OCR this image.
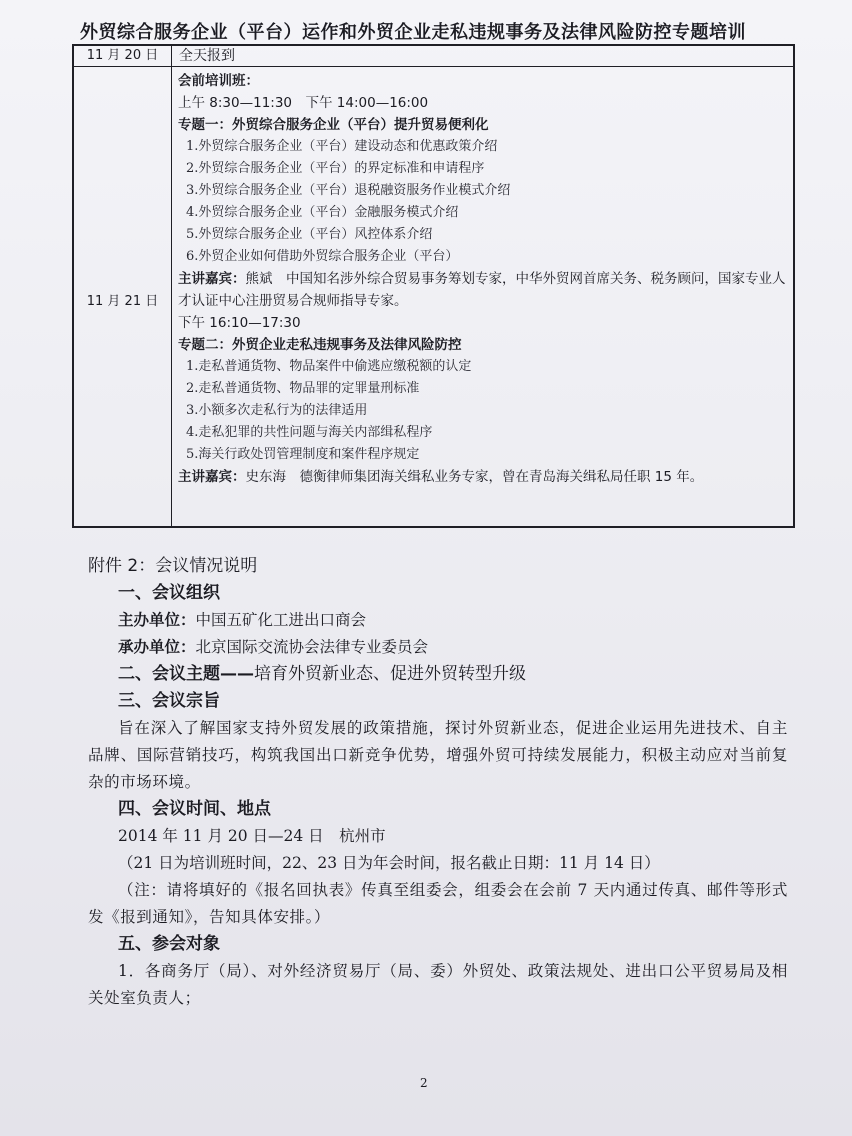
外贸综合服务企业（平台）运作和外贸企业走私违规事务及法律风险防控专题培训
11 月 20 日	全天报到
11 月 21 日
会前培训班：
上午 8:30—11:30　下午 14:00—16:00
专题一：外贸综合服务企业（平台）提升贸易便利化
1.外贸综合服务企业（平台）建设动态和优惠政策介绍
2.外贸综合服务企业（平台）的界定标准和申请程序
3.外贸综合服务企业（平台）退税融资服务作业模式介绍
4.外贸综合服务企业（平台）金融服务模式介绍
5.外贸综合服务企业（平台）风控体系介绍
6.外贸企业如何借助外贸综合服务企业（平台）
主讲嘉宾：熊斌　中国知名涉外综合贸易事务筹划专家，中华外贸网首席关务、税务顾问，国家专业人才认证中心注册贸易合规师指导专家。
下午 16:10—17:30
专题二：外贸企业走私违规事务及法律风险防控
1.走私普通货物、物品案件中偷逃应缴税额的认定
2.走私普通货物、物品罪的定罪量刑标准
3.小额多次走私行为的法律适用
4.走私犯罪的共性问题与海关内部缉私程序
5.海关行政处罚管理制度和案件程序规定
主讲嘉宾：史东海　德衡律师集团海关缉私业务专家，曾在青岛海关缉私局任职 15 年。
附件 2：会议情况说明
一、会议组织
主办单位：中国五矿化工进出口商会
承办单位：北京国际交流协会法律专业委员会
二、会议主题——培育外贸新业态、促进外贸转型升级
三、会议宗旨
旨在深入了解国家支持外贸发展的政策措施，探讨外贸新业态，促进企业运用先进技术、自主品牌、国际营销技巧，构筑我国出口新竞争优势，增强外贸可持续发展能力，积极主动应对当前复杂的市场环境。
四、会议时间、地点
2014 年 11 月 20 日—24 日　杭州市
（21 日为培训班时间，22、23 日为年会时间，报名截止日期：11 月 14 日）
（注：请将填好的《报名回执表》传真至组委会，组委会在会前 7 天内通过传真、邮件等形式发《报到通知》，告知具体安排。）
五、参会对象
1．各商务厅（局）、对外经济贸易厅（局、委）外贸处、政策法规处、进出口公平贸易局及相关处室负责人；
2
